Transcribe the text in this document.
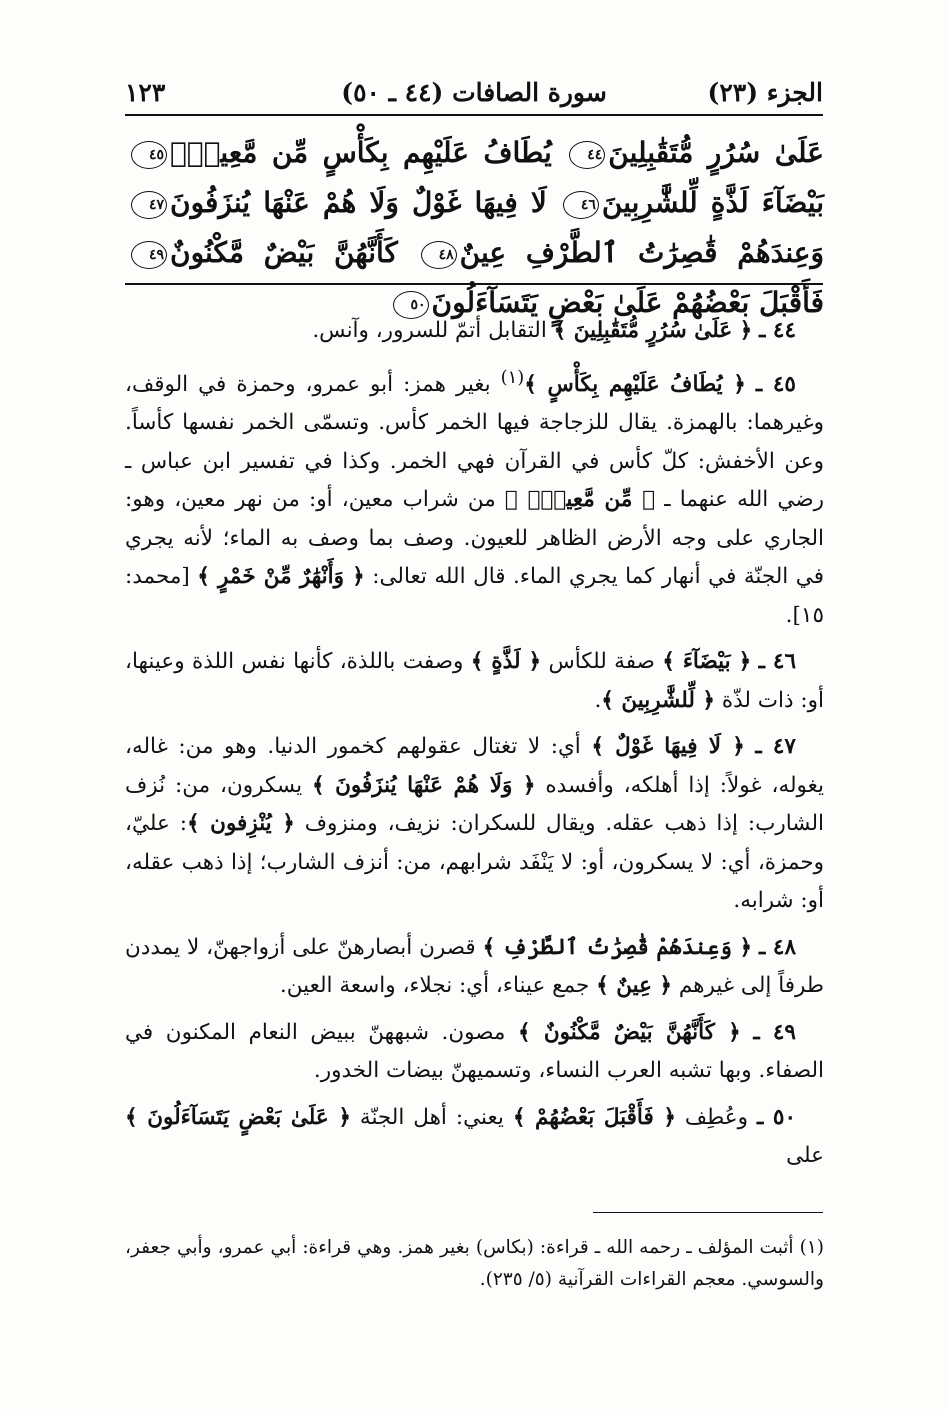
الجزء (٢٣)
سورة الصافات (٤٤ ـ ٥٠)
١٢٣
عَلَىٰ سُرُرٍ مُّتَقَٰبِلِينَ٤٤ يُطَافُ عَلَيْهِم بِكَأْسٍ مِّن مَّعِينٍۭ٤٥ بَيْضَآءَ لَذَّةٍ لِّلشَّٰرِبِينَ٤٦ لَا فِيهَا غَوْلٌ وَلَا هُمْ عَنْهَا يُنزَفُونَ٤٧ وَعِندَهُمْ قَٰصِرَٰتُ ٱلطَّرْفِ عِينٌ٤٨ كَأَنَّهُنَّ بَيْضٌ مَّكْنُونٌ٤٩ فَأَقْبَلَ بَعْضُهُمْ عَلَىٰ بَعْضٍ يَتَسَآءَلُونَ٥٠

٤٤ ـ ﴿ عَلَىٰ سُرُرٍ مُّتَقَٰبِلِينَ ﴾ التقابل أتمّ للسرور، وآنس.

٤٥ ـ ﴿ يُطَافُ عَلَيْهِم بِكَأْسٍ ﴾$^{(١)}$ بغير همز: أبو عمرو، وحمزة في الوقف، وغيرهما: بالهمزة. يقال للزجاجة فيها الخمر كأس. وتسمّى الخمر نفسها كأساً. وعن الأخفش: كلّ كأس في القرآن فهي الخمر. وكذا في تفسير ابن عباس ـ رضي الله عنهما ـ ﴿ مِّن مَّعِينٍۭ ﴾ من شراب معين، أو: من نهر معين، وهو: الجاري على وجه الأرض الظاهر للعيون. وصف بما وصف به الماء؛ لأنه يجري في الجنّة في أنهار كما يجري الماء. قال الله تعالى: ﴿ وَأَنْهَٰرٌ مِّنْ خَمْرٍ ﴾ [محمد: ١٥].

٤٦ ـ ﴿ بَيْضَآءَ ﴾ صفة للكأس ﴿ لَذَّةٍ ﴾ وصفت باللذة، كأنها نفس اللذة وعينها، أو: ذات لذّة ﴿ لِّلشَّٰرِبِينَ ﴾.

٤٧ ـ ﴿ لَا فِيهَا غَوْلٌ ﴾ أي: لا تغتال عقولهم كخمور الدنيا. وهو من: غاله، يغوله، غولاً: إذا أهلكه، وأفسده ﴿ وَلَا هُمْ عَنْهَا يُنزَفُونَ ﴾ يسكرون، من: نُزف الشارب: إذا ذهب عقله. ويقال للسكران: نزيف، ومنزوف ﴿ يُنْزِفون ﴾: عليّ، وحمزة، أي: لا يسكرون، أو: لا يَنْفَد شرابهم، من: أنزف الشارب؛ إذا ذهب عقله، أو: شرابه.

٤٨ ـ ﴿ وَعِندَهُمْ قَٰصِرَٰتُ ٱلطَّرْفِ ﴾ قصرن أبصارهنّ على أزواجهنّ، لا يمددن طرفاً إلى غيرهم ﴿ عِينٌ ﴾ جمع عيناء، أي: نجلاء، واسعة العين.

٤٩ ـ ﴿ كَأَنَّهُنَّ بَيْضٌ مَّكْنُونٌ ﴾ مصون. شبههنّ ببيض النعام المكنون في الصفاء. وبها تشبه العرب النساء، وتسميهنّ بيضات الخدور.

٥٠ ـ وعُطِف ﴿ فَأَقْبَلَ بَعْضُهُمْ ﴾ يعني: أهل الجنّة ﴿ عَلَىٰ بَعْضٍ يَتَسَآءَلُونَ ﴾ على

(١) أثبت المؤلف ـ رحمه الله ـ قراءة: (بكاس) بغير همز. وهي قراءة: أبي عمرو، وأبي جعفر، والسوسي. معجم القراءات القرآنية (٥/ ٢٣٥).
